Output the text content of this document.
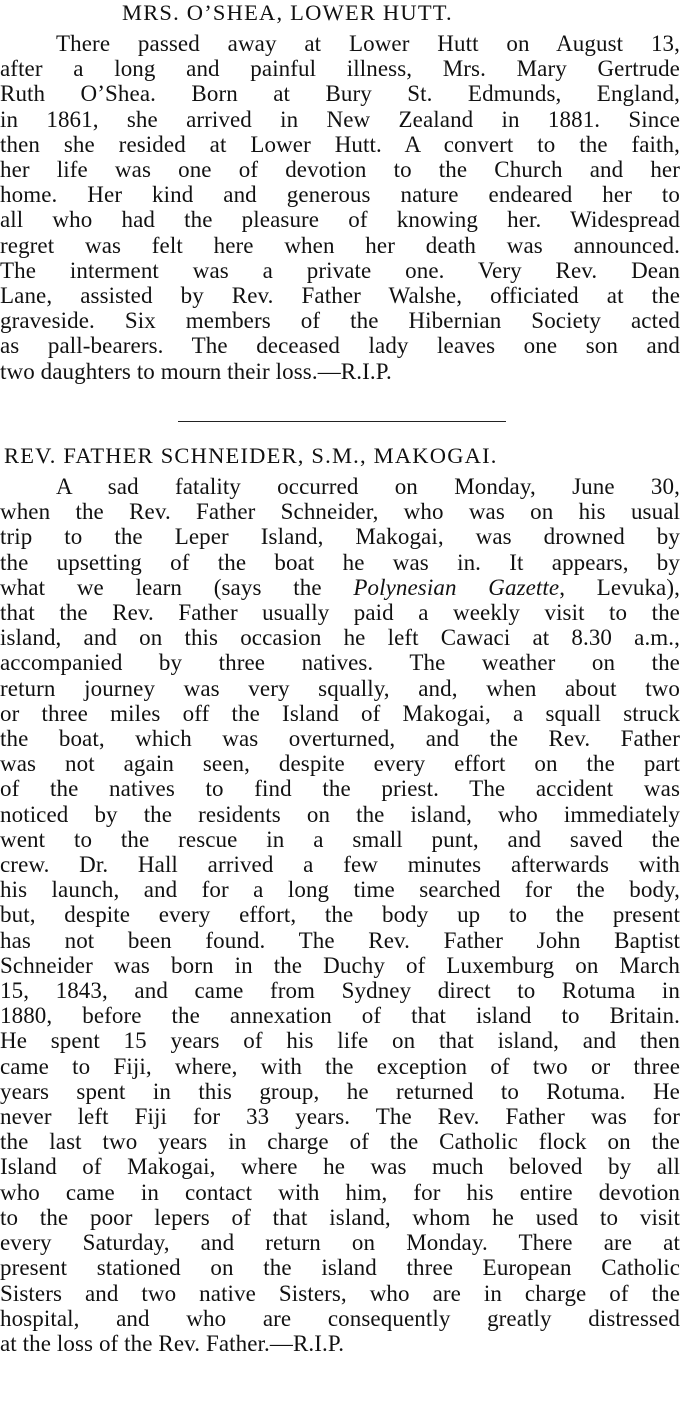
MRS. O’SHEA, LOWER HUTT.
There passed away at Lower Hutt on August 13,
after a long and painful illness, Mrs. Mary Gertrude
Ruth O’Shea. Born at Bury St. Edmunds, England,
in 1861, she arrived in New Zealand in 1881. Since
then she resided at Lower Hutt. A convert to the faith,
her life was one of devotion to the Church and her
home. Her kind and generous nature endeared her to
all who had the pleasure of knowing her. Widespread
regret was felt here when her death was announced.
The interment was a private one. Very Rev. Dean
Lane, assisted by Rev. Father Walshe, officiated at the
graveside. Six members of the Hibernian Society acted
as pall-bearers. The deceased lady leaves one son and
two daughters to mourn their loss.—R.I.P.
REV. FATHER SCHNEIDER, S.M., MAKOGAI.
A sad fatality occurred on Monday, June 30,
when the Rev. Father Schneider, who was on his usual
trip to the Leper Island, Makogai, was drowned by
the upsetting of the boat he was in. It appears, by
what we learn (says the Polynesian Gazette, Levuka),
that the Rev. Father usually paid a weekly visit to the
island, and on this occasion he left Cawaci at 8.30 a.m.,
accompanied by three natives. The weather on the
return journey was very squally, and, when about two
or three miles off the Island of Makogai, a squall struck
the boat, which was overturned, and the Rev. Father
was not again seen, despite every effort on the part
of the natives to find the priest. The accident was
noticed by the residents on the island, who immediately
went to the rescue in a small punt, and saved the
crew. Dr. Hall arrived a few minutes afterwards with
his launch, and for a long time searched for the body,
but, despite every effort, the body up to the present
has not been found. The Rev. Father John Baptist
Schneider was born in the Duchy of Luxemburg on March
15, 1843, and came from Sydney direct to Rotuma in
1880, before the annexation of that island to Britain.
He spent 15 years of his life on that island, and then
came to Fiji, where, with the exception of two or three
years spent in this group, he returned to Rotuma. He
never left Fiji for 33 years. The Rev. Father was for
the last two years in charge of the Catholic flock on the
Island of Makogai, where he was much beloved by all
who came in contact with him, for his entire devotion
to the poor lepers of that island, whom he used to visit
every Saturday, and return on Monday. There are at
present stationed on the island three European Catholic
Sisters and two native Sisters, who are in charge of the
hospital, and who are consequently greatly distressed
at the loss of the Rev. Father.—R.I.P.
